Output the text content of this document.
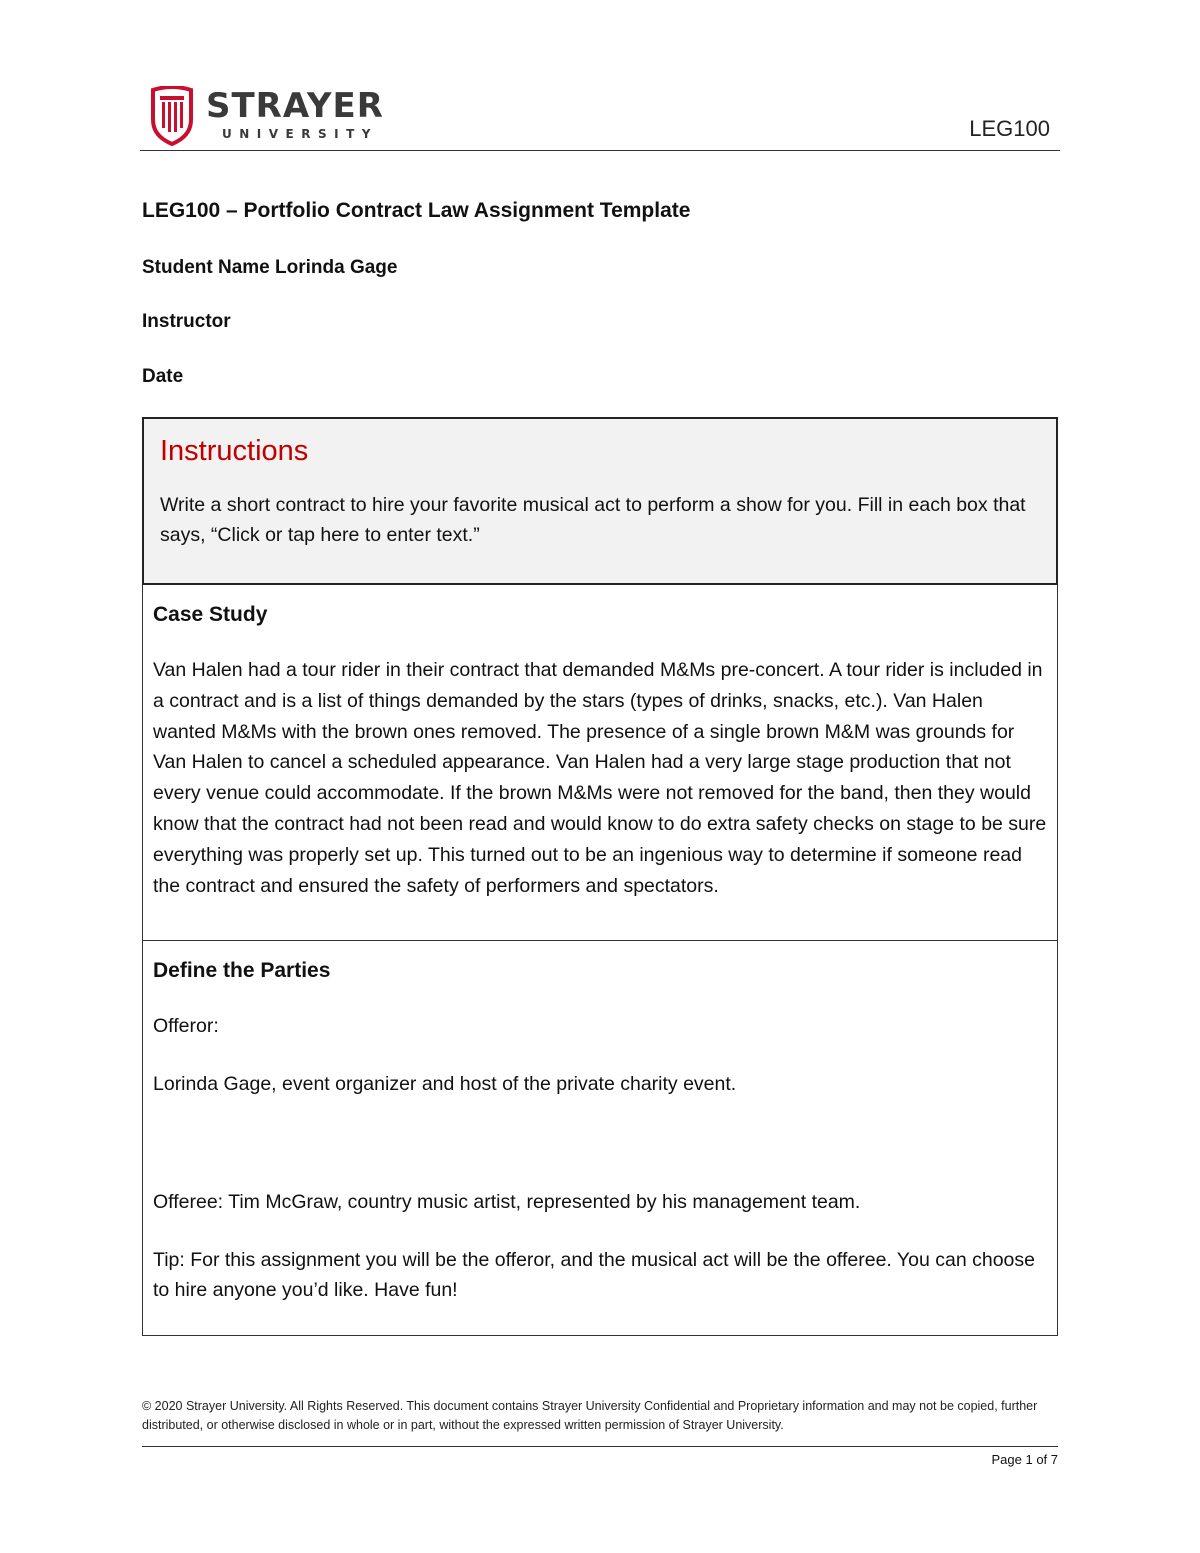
STRAYER
UNIVERSITY	LEG100
LEG100 – Portfolio Contract Law Assignment Template
Student Name Lorinda Gage
Instructor
Date
Instructions

Write a short contract to hire your favorite musical act to perform a show for you. Fill in each box that says, “Click or tap here to enter text.”

Case Study

Van Halen had a tour rider in their contract that demanded M&Ms pre-concert. A tour rider is included in a contract and is a list of things demanded by the stars (types of drinks, snacks, etc.). Van Halen wanted M&Ms with the brown ones removed. The presence of a single brown M&M was grounds for Van Halen to cancel a scheduled appearance. Van Halen had a very large stage production that not every venue could accommodate. If the brown M&Ms were not removed for the band, then they would know that the contract had not been read and would know to do extra safety checks on stage to be sure everything was properly set up. This turned out to be an ingenious way to determine if someone read the contract and ensured the safety of performers and spectators.

Define the Parties

Offeror:

Lorinda Gage, event organizer and host of the private charity event.

Offeree: Tim McGraw, country music artist, represented by his management team.

Tip: For this assignment you will be the offeror, and the musical act will be the offeree. You can choose to hire anyone you’d like. Have fun!

© 2020 Strayer University. All Rights Reserved. This document contains Strayer University Confidential and Proprietary information and may not be copied, further distributed, or otherwise disclosed in whole or in part, without the expressed written permission of Strayer University.
Page 1 of 7
